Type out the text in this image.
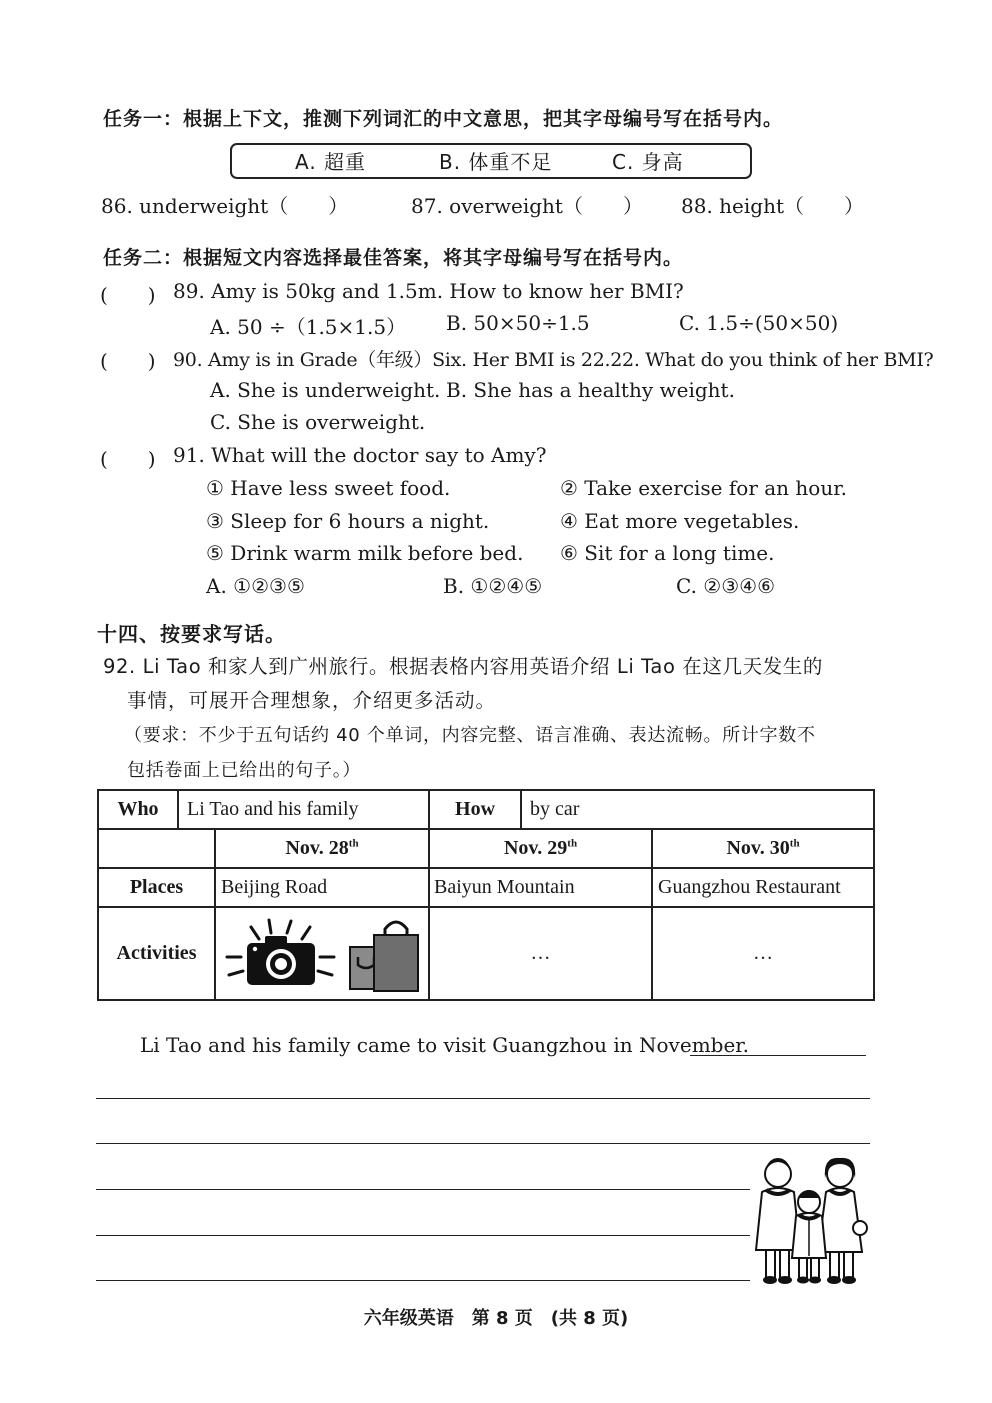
任务一：根据上下文，推测下列词汇的中文意思，把其字母编号写在括号内。
A. 超重	B. 体重不足	C. 身高
86. underweight（　　）	87. overweight（　　） 88. height（　　）
任务二：根据短文内容选择最佳答案，将其字母编号写在括号内。
(　　) 89. Amy is 50kg and 1.5m. How to know her BMI?
A. 50 ÷（1.5×1.5） B. 50×50÷1.5	C. 1.5÷(50×50)
(　　) 90. Amy is in Grade（年级）Six. Her BMI is 22.22. What do you think of her BMI?
A. She is underweight. B. She has a healthy weight.
C. She is overweight.
(　　) 91. What will the doctor say to Amy?
① Have less sweet food.	② Take exercise for an hour.
③ Sleep for 6 hours a night.	④ Eat more vegetables.
⑤ Drink warm milk before bed. ⑥ Sit for a long time.
A. ①②③⑤	B. ①②④⑤	C. ②③④⑥
十四、按要求写话。
92. Li Tao 和家人到广州旅行。根据表格内容用英语介绍 Li Tao 在这几天发生的
事情，可展开合理想象，介绍更多活动。
（要求：不少于五句话约 40 个单词，内容完整、语言准确、表达流畅。所计字数不
包括卷面上已给出的句子。）
Who	Li Tao and his family		How	by car	
		Nov. 28th	Nov. 29th		Nov. 30th
Places		Beijing Road	Baiyun Mountain		Guangzhou Restaurant
Activities			…		…
Li Tao and his family came to visit Guangzhou in November.
六年级英语　第 8 页　(共 8 页)
